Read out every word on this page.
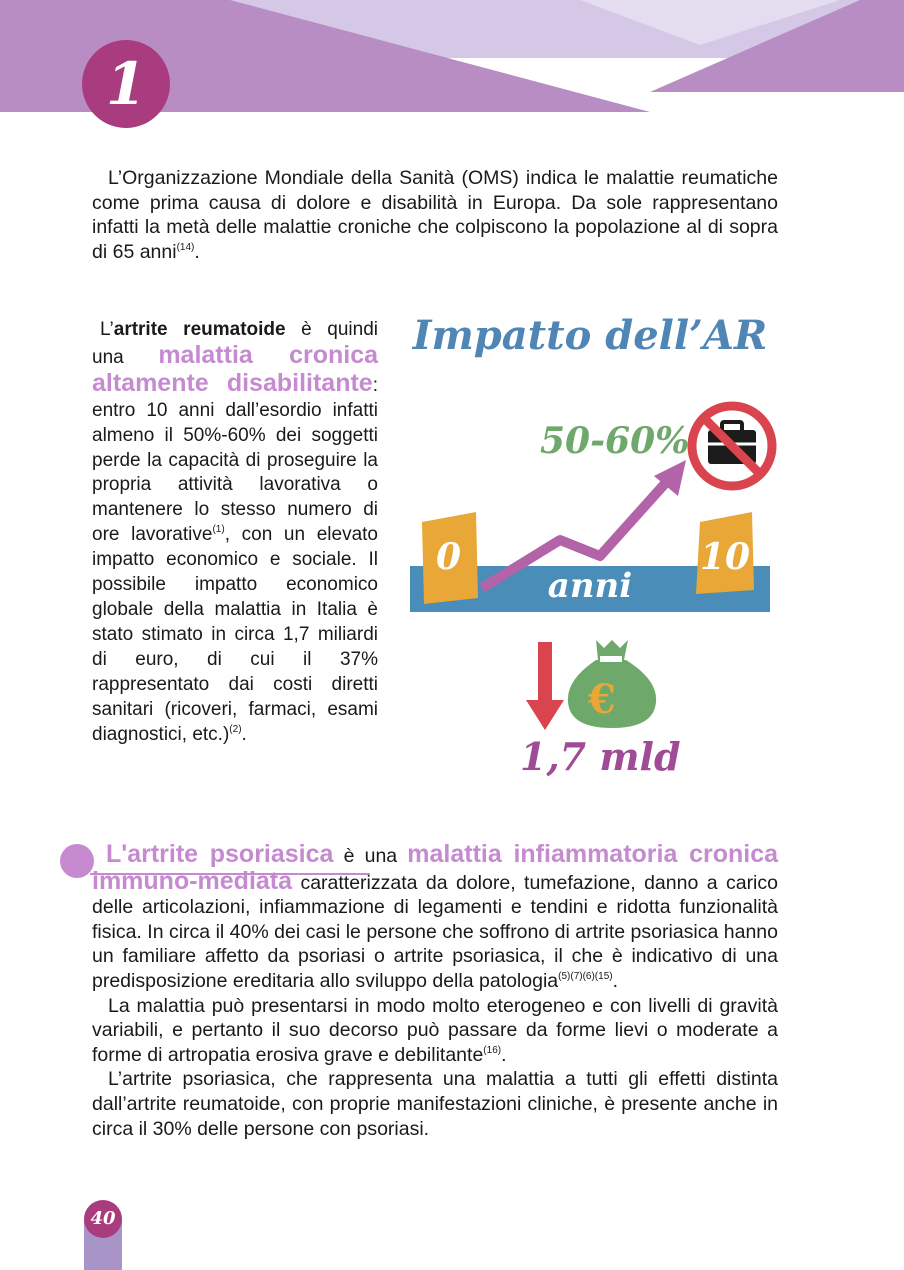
1

L’Organizzazione Mondiale della Sanità (OMS) indica le malattie reumatiche come prima causa di dolore e disabilità in Europa. Da sole rappresentano infatti la metà delle malattie croniche che colpiscono la popolazione al di sopra di 65 anni$^{(14)}$.

L’artrite reumatoide è quindi una malattia cronica altamente disabilitante: entro 10 anni dall’esordio infatti almeno il 50%-60% dei soggetti perde la capacità di proseguire la propria attività lavorativa o mantenere lo stesso numero di ore lavorative$^{(1)}$, con un elevato impatto economico e sociale. Il possibile impatto economico globale della malattia in Italia è stato stimato in circa 1,7 miliardi di euro, di cui il 37% rappresentato dai costi diretti sanitari (ricoveri, farmaci, esami diagnostici, etc.)$^{(2)}$.

Impatto dell’AR
50-60%
0	10
anni
€
1,7 mld

L'artrite psoriasica è una malattia infiammatoria cronica immuno-mediata caratterizzata da dolore, tumefazione, danno a carico delle articolazioni, infiammazione di legamenti e tendini e ridotta funzionalità fisica. In circa il 40% dei casi le persone che soffrono di artrite psoriasica hanno un familiare affetto da psoriasi o artrite psoriasica, il che è indicativo di una predisposizione ereditaria allo sviluppo della patologia$^{(5)(7)(6)(15)}$.

La malattia può presentarsi in modo molto eterogeneo e con livelli di gravità variabili, e pertanto il suo decorso può passare da forme lievi o moderate a forme di artropatia erosiva grave e debilitante$^{(16)}$.

L’artrite psoriasica, che rappresenta una malattia a tutti gli effetti distinta dall’artrite reumatoide, con proprie manifestazioni cliniche, è presente anche in circa il 30% delle persone con psoriasi.

40
